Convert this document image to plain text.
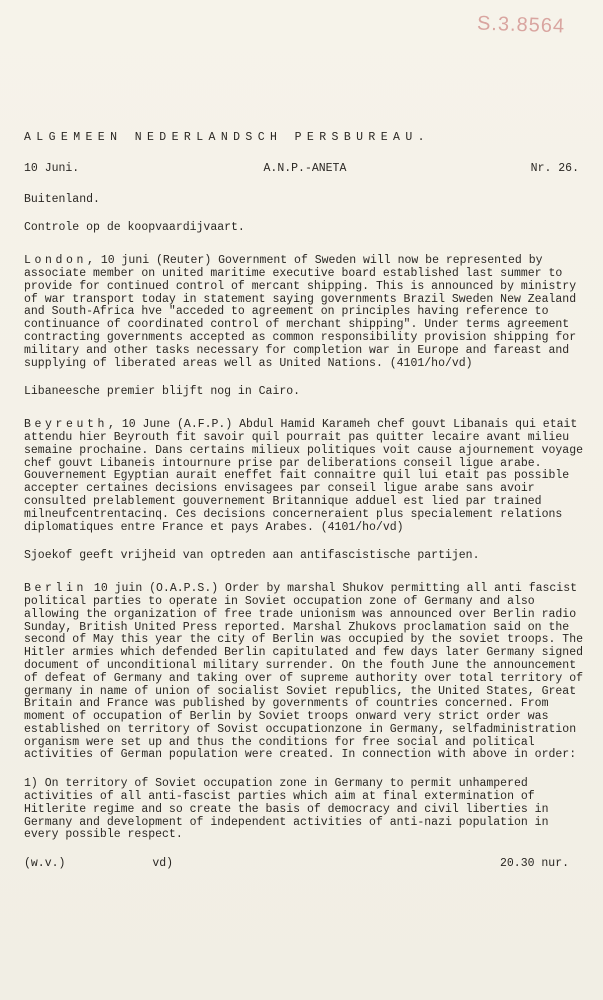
S.3.8564
ALGEMEEN NEDERLANDSCH PERSBUREAU.
10 Juni.	A.N.P.-ANETA	Nr. 26.
Buitenland.
Controle op de koopvaardijvaart.

London, 10 juni (Reuter) Government of Sweden will now be represented by associate member on united maritime executive board established last summer to provide for continued control of mercant shipping. This is announced by ministry of war transport today in statement saying governments Brazil Sweden New Zealand and South-Africa hve "acceded to agreement on principles having reference to continuance of coordinated control of merchant shipping". Under terms agreement contracting governments accepted as common responsibility provision shipping for military and other tasks necessary for completion war in Europe and fareast and supplying of liberated areas well as United Nations. (4101/ho/vd)

Libaneesche premier blijft nog in Cairo.

Beyreuth, 10 June (A.F.P.) Abdul Hamid Karameh chef gouvt Libanais qui etait attendu hier Beyrouth fit savoir quil pourrait pas quitter lecaire avant milieu semaine prochaine. Dans certains milieux politiques voit cause ajournement voyage chef gouvt Libaneis intournure prise par deliberations conseil ligue arabe. Gouvernement Egyptian aurait eneffet fait connaitre quil lui etait pas possible accepter certaines decisions envisagees par conseil ligue arabe sans avoir consulted prelablement gouvernement Britannique adduel est lied par trained milneufcentrentacinq. Ces decisions concerneraient plus specialement relations diplomatiques entre France et pays Arabes. (4101/ho/vd)

Sjoekof geeft vrijheid van optreden aan antifascistische partijen.

Berlin 10 juin (O.A.P.S.) Order by marshal Shukov permitting all anti fascist political parties to operate in Soviet occupation zone of Germany and also allowing the organization of free trade unionism was announced over Berlin radio Sunday, British United Press reported. Marshal Zhukovs proclamation said on the second of May this year the city of Berlin was occupied by the soviet troops. The Hitler armies which defended Berlin capitulated and few days later Germany signed document of unconditional military surrender. On the fouth June the announcement of defeat of Germany and taking over of supreme authority over total territory of germany in name of union of socialist Soviet republics, the United States, Great Britain and France was published by governments of countries concerned. From moment of occupation of Berlin by Soviet troops onward very strict order was established on territory of Sovist occupationzone in Germany, selfadministration organism were set up and thus the conditions for free social and political activities of German population were created. In connection with above in order:

1) On territory of Soviet occupation zone in Germany to permit unhampered activities of all anti-fascist parties which aim at final extermination of Hitlerite regime and so create the basis of democracy and civil liberties in Germany and development of independent activities of anti-nazi population in every possible respect.

(w.v.)	vd)	20.30 nur.
